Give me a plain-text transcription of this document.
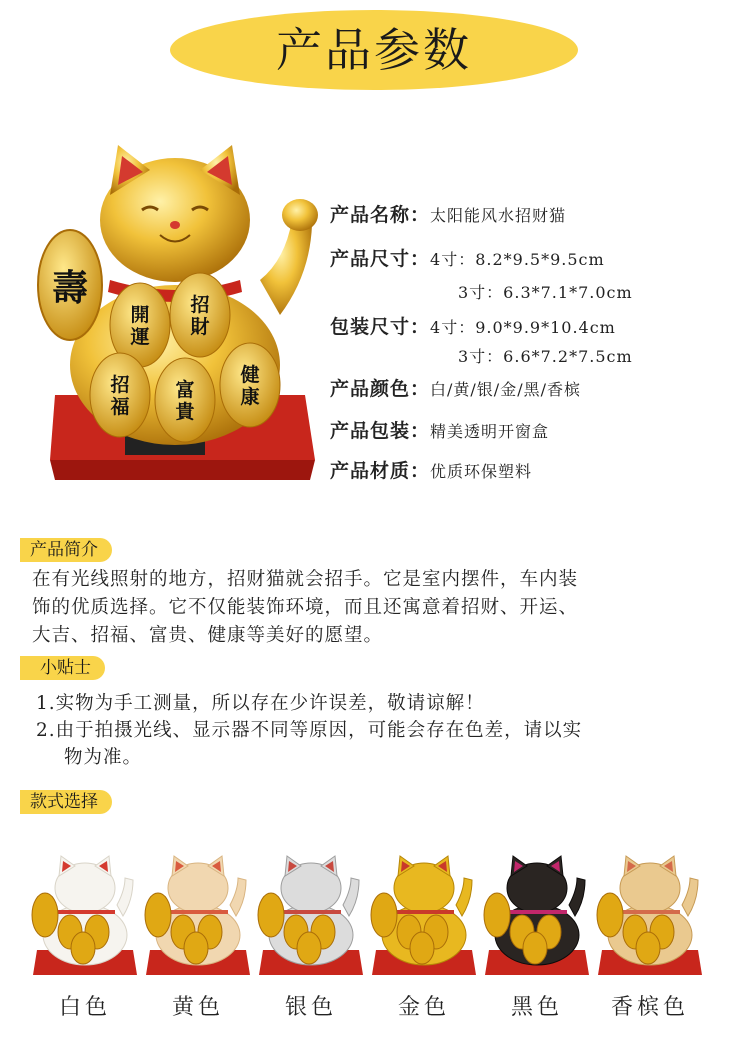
产品参数
壽
開
運
招
財
招
福
富
貴
健
康
产品名称：太阳能风水招财猫
产品尺寸：4寸：8.2*9.5*9.5cm
3寸：6.3*7.1*7.0cm
包装尺寸：4寸：9.0*9.9*10.4cm
3寸：6.6*7.2*7.5cm
产品颜色：白/黄/银/金/黑/香槟
产品包装：精美透明开窗盒
产品材质：优质环保塑料
产品简介
在有光线照射的地方，招财猫就会招手。它是室内摆件，车内装
饰的优质选择。它不仅能装饰环境，而且还寓意着招财、开运、
大吉、招福、富贵、健康等美好的愿望。
小贴士
1.实物为手工测量，所以存在少许误差，敬请谅解！
2.由于拍摄光线、显示器不同等原因，可能会存在色差，请以实
物为准。
款式选择
白色	黄色	银色	金色	黑色	香槟色
